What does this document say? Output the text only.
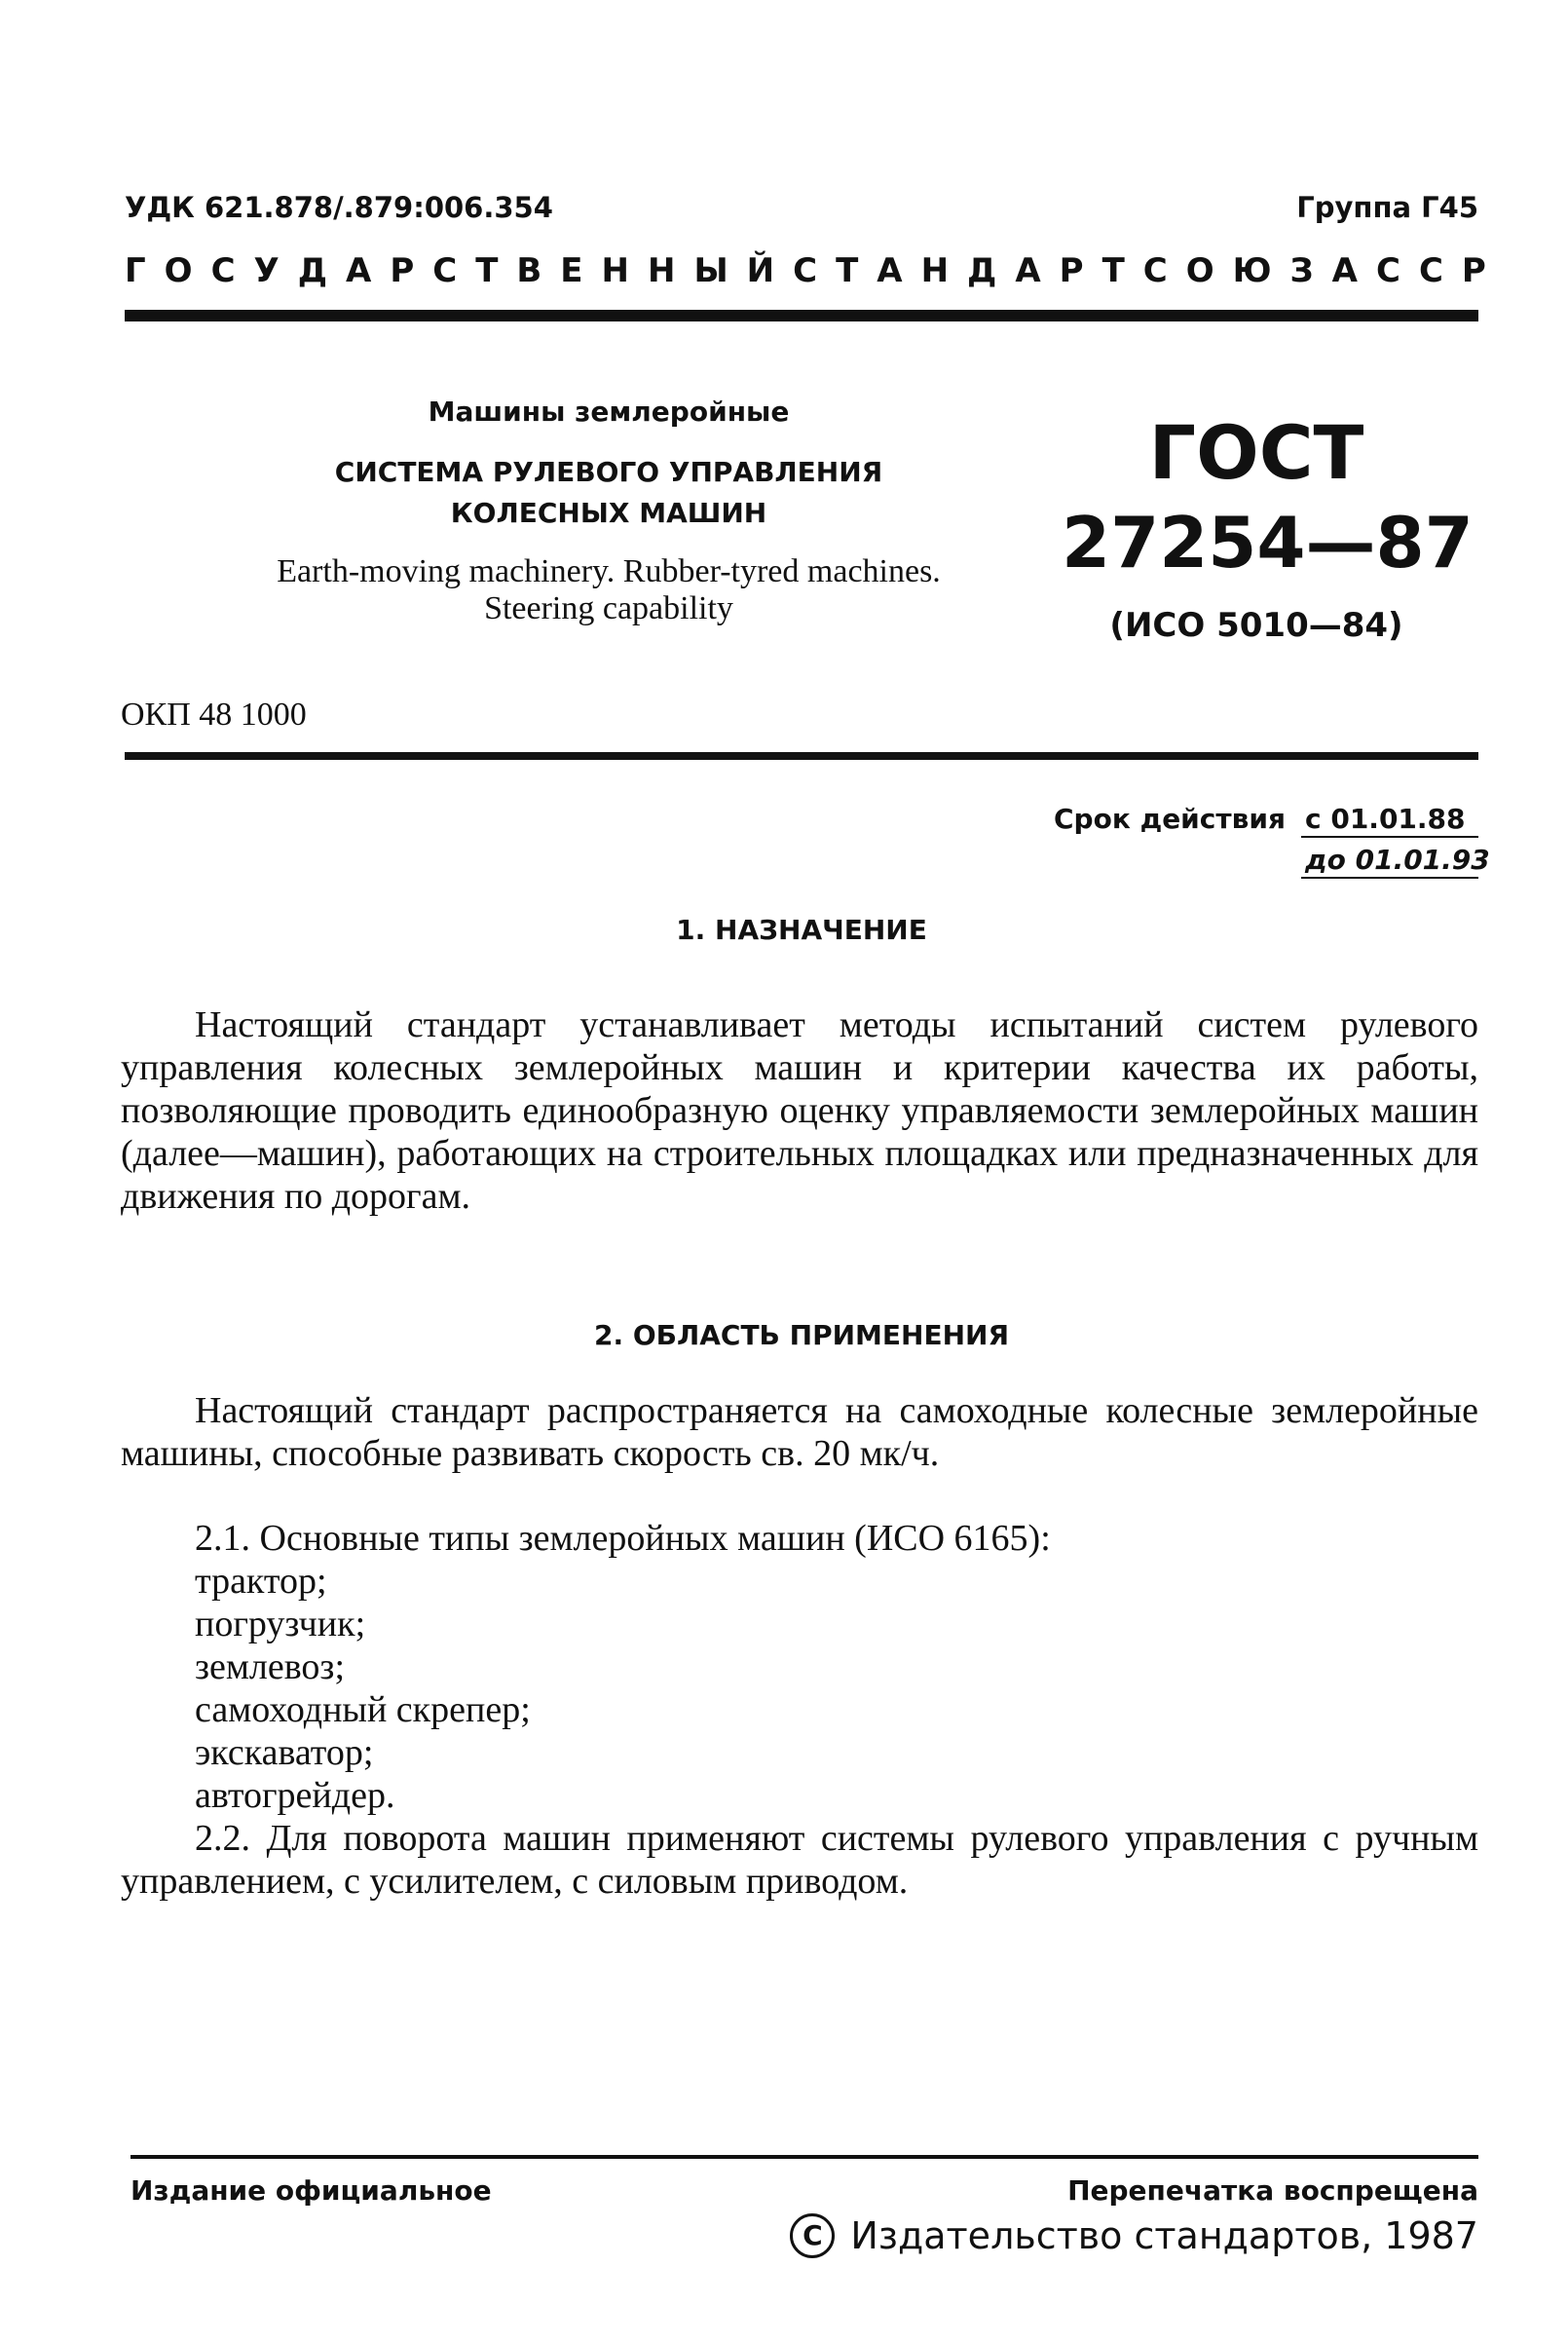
УДК 621.878/.879:006.354	Группа Г45
ГОСУДАРСТВЕННЫЙ СТАНДАРТ СОЮЗА ССР
Машины землеройные
СИСТЕМА РУЛЕВОГО УПРАВЛЕНИЯ
КОЛЕСНЫХ МАШИН
Earth-moving machinery. Rubber-tyred machines. Steering capability
ГОСТ
27254—87
(ИСО 5010—84)
ОКП 48 1000
Срок действия с 01.01.88
до 01.01.93
1. НАЗНАЧЕНИЕ

Настоящий стандарт устанавливает методы испытаний систем рулевого управления колесных землеройных машин и критерии качества их работы, позволяющие проводить единообразную оценку управляемости землеройных машин (далее—машин), работающих на строительных площадках или предназначенных для движения по дорогам.

2. ОБЛАСТЬ ПРИМЕНЕНИЯ

Настоящий стандарт распространяется на самоходные колесные землеройные машины, способные развивать скорость св. 20 мк/ч.

2.1. Основные типы землеройных машин (ИСО 6165):
трактор;
погрузчик;
землевоз;
самоходный скрепер;
экскаватор;
автогрейдер.

2.2. Для поворота машин применяют системы рулевого управления с ручным управлением, с усилителем, с силовым приводом.

Издание официальное	Перепечатка воспрещена
С Издательство стандартов, 1987
